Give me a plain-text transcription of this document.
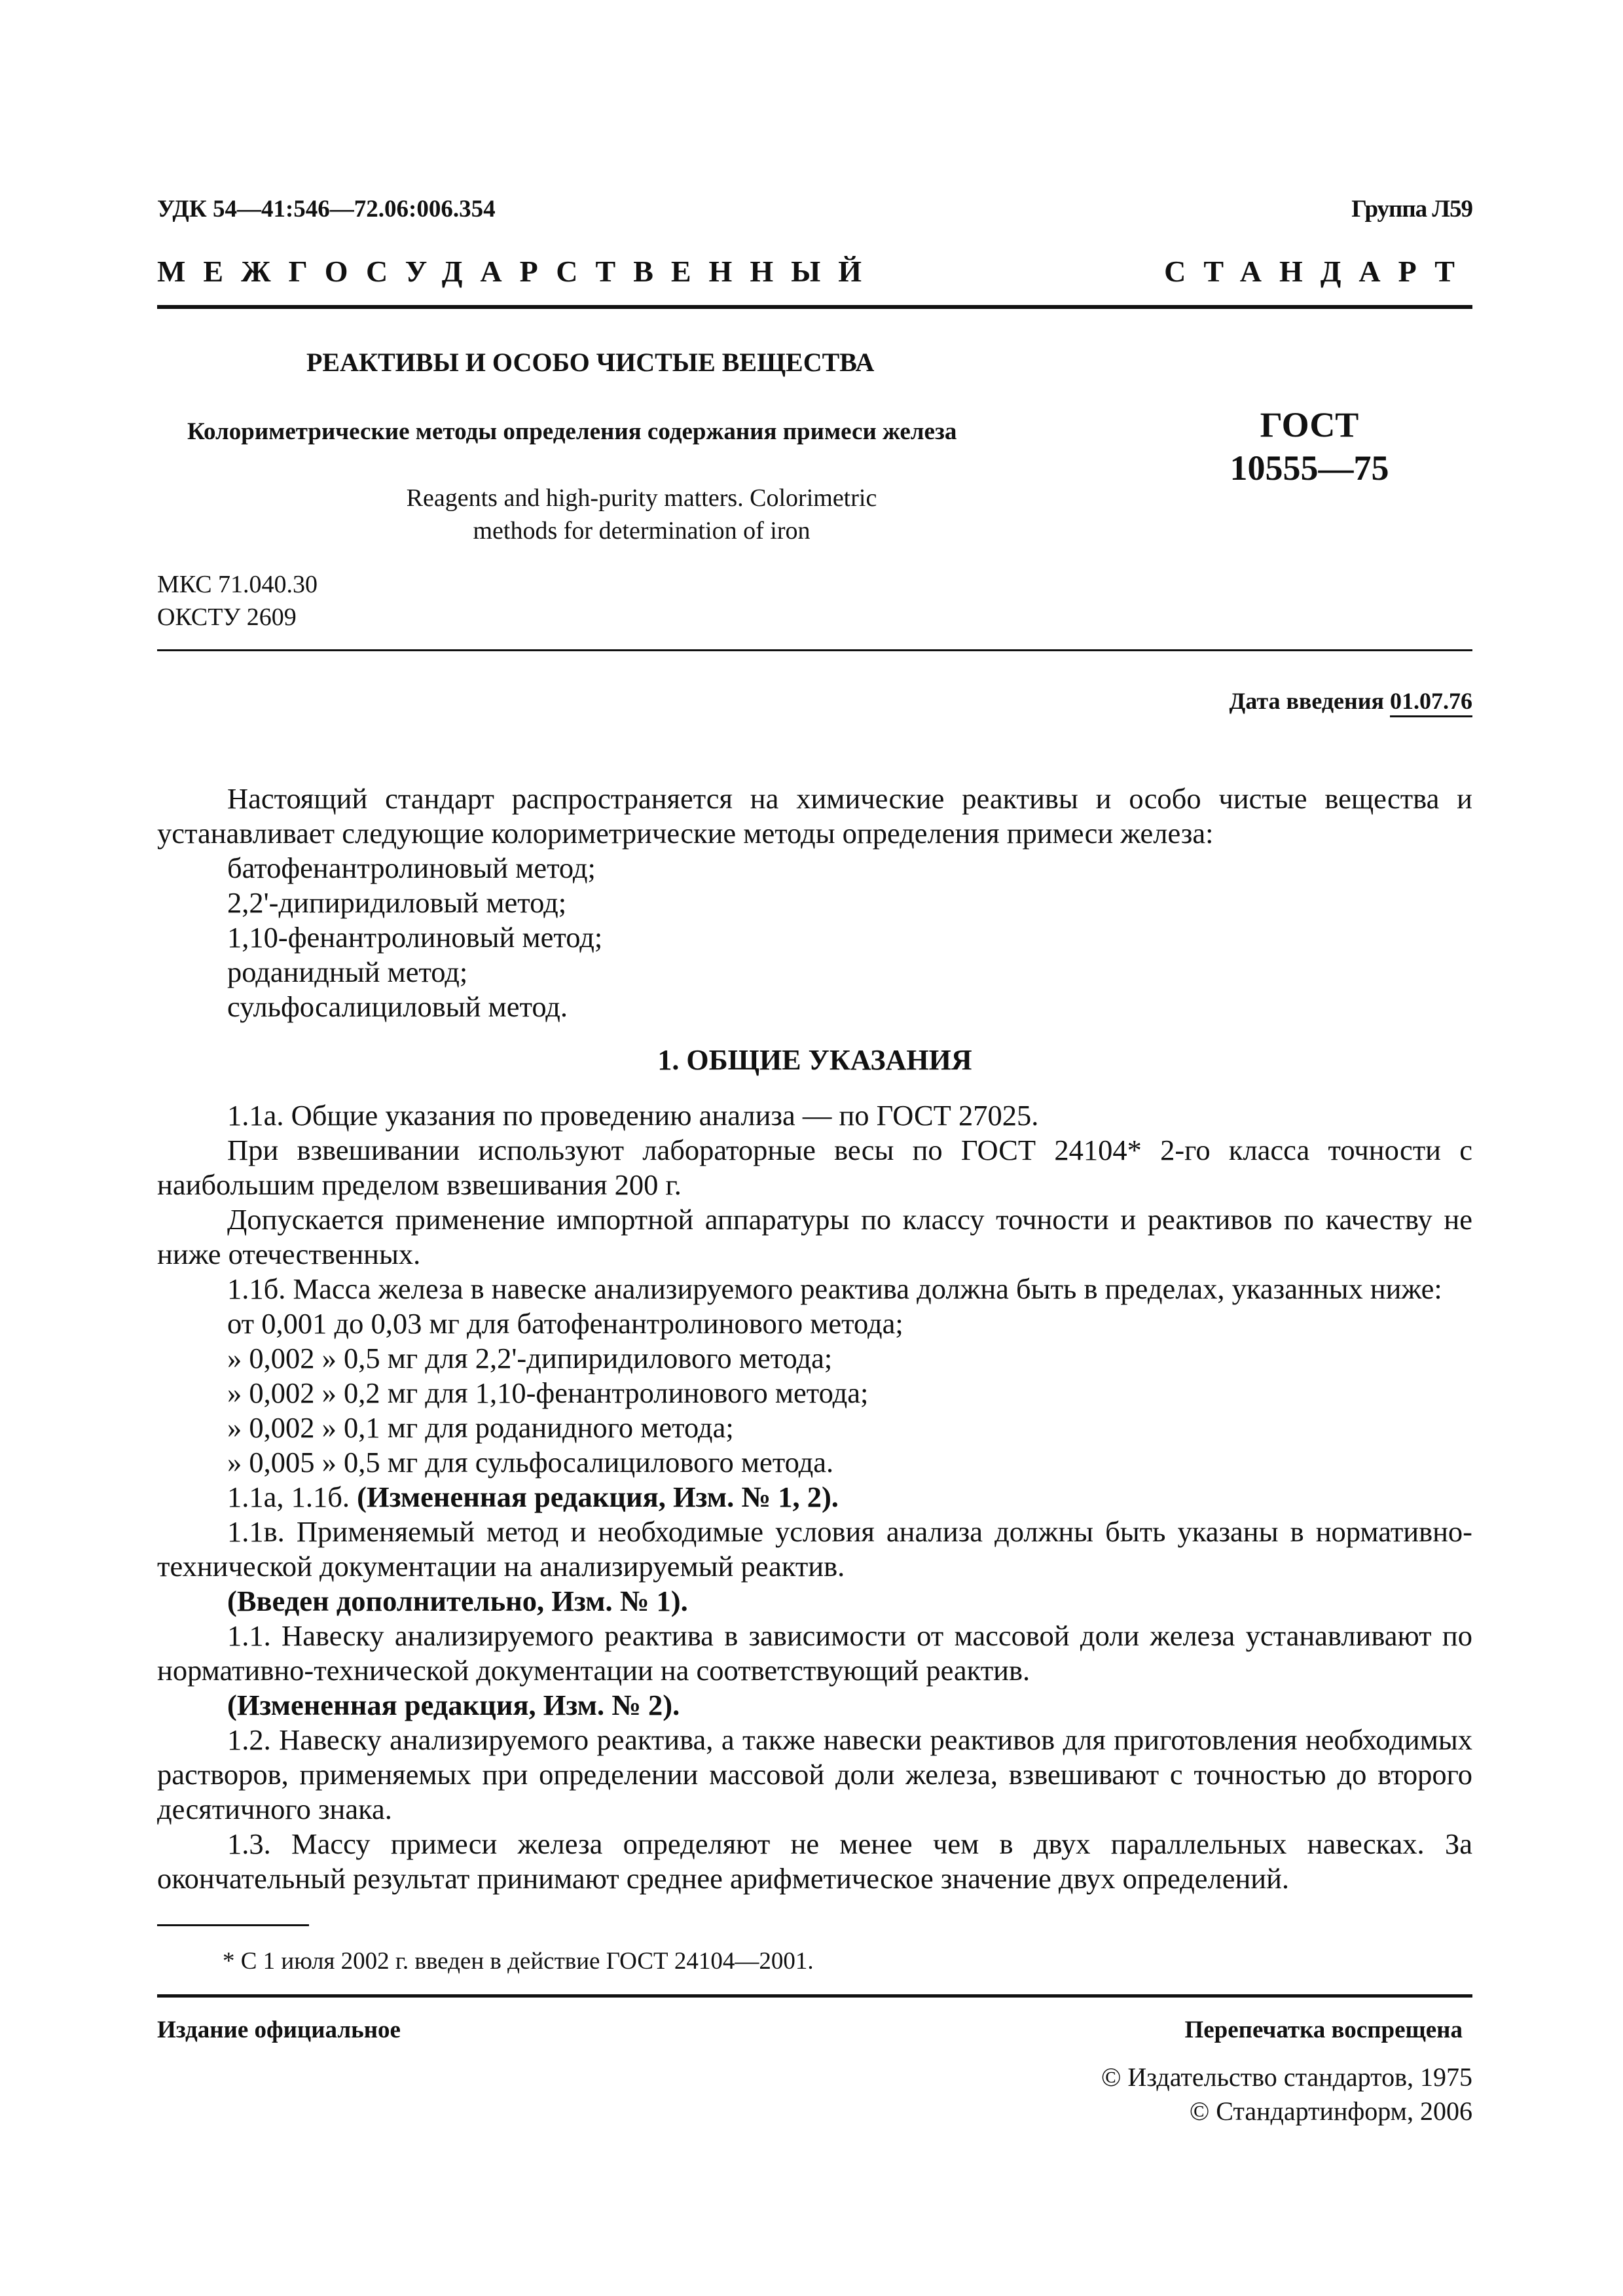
УДК 54—41:546—72.06:006.354	Группа Л59
МЕЖГОСУДАРСТВЕННЫЙ	СТАНДАРТ
РЕАКТИВЫ И ОСОБО ЧИСТЫЕ ВЕЩЕСТВА
Колориметрические методы определения содержания примеси железа	ГОСТ
10555—75
Reagents and high-purity matters. Colorimetric
methods for determination of iron
МКС 71.040.30
ОКСТУ 2609
Дата введения 01.07.76

Настоящий стандарт распространяется на химические реактивы и особо чистые вещества и устанавливает следующие колориметрические методы определения примеси железа:

батофенантролиновый метод;

2,2'-дипиридиловый метод;

1,10-фенантролиновый метод;

роданидный метод;

сульфосалициловый метод.

1. ОБЩИЕ УКАЗАНИЯ

1.1а. Общие указания по проведению анализа — по ГОСТ 27025.

При взвешивании используют лабораторные весы по ГОСТ 24104* 2-го класса точности с наибольшим пределом взвешивания 200 г.

Допускается применение импортной аппаратуры по классу точности и реактивов по качеству не ниже отечественных.

1.1б. Масса железа в навеске анализируемого реактива должна быть в пределах, указанных ниже:

от 0,001 до 0,03 мг для батофенантролинового метода;

» 0,002 » 0,5 мг для 2,2'-дипиридилового метода;

» 0,002 » 0,2 мг для 1,10-фенантролинового метода;

» 0,002 » 0,1 мг для роданидного метода;

» 0,005 » 0,5 мг для сульфосалицилового метода.

1.1а, 1.1б. (Измененная редакция, Изм. № 1, 2).

1.1в. Применяемый метод и необходимые условия анализа должны быть указаны в нормативно-технической документации на анализируемый реактив.

(Введен дополнительно, Изм. № 1).

1.1. Навеску анализируемого реактива в зависимости от массовой доли железа устанавливают по нормативно-технической документации на соответствующий реактив.

(Измененная редакция, Изм. № 2).

1.2. Навеску анализируемого реактива, а также навески реактивов для приготовления необходимых растворов, применяемых при определении массовой доли железа, взвешивают с точностью до второго десятичного знака.

1.3. Массу примеси железа определяют не менее чем в двух параллельных навесках. За окончательный результат принимают среднее арифметическое значение двух определений.

* С 1 июля 2002 г. введен в действие ГОСТ 24104—2001.
Издание официальное	Перепечатка воспрещена
© Издательство стандартов, 1975
© Стандартинформ, 2006
